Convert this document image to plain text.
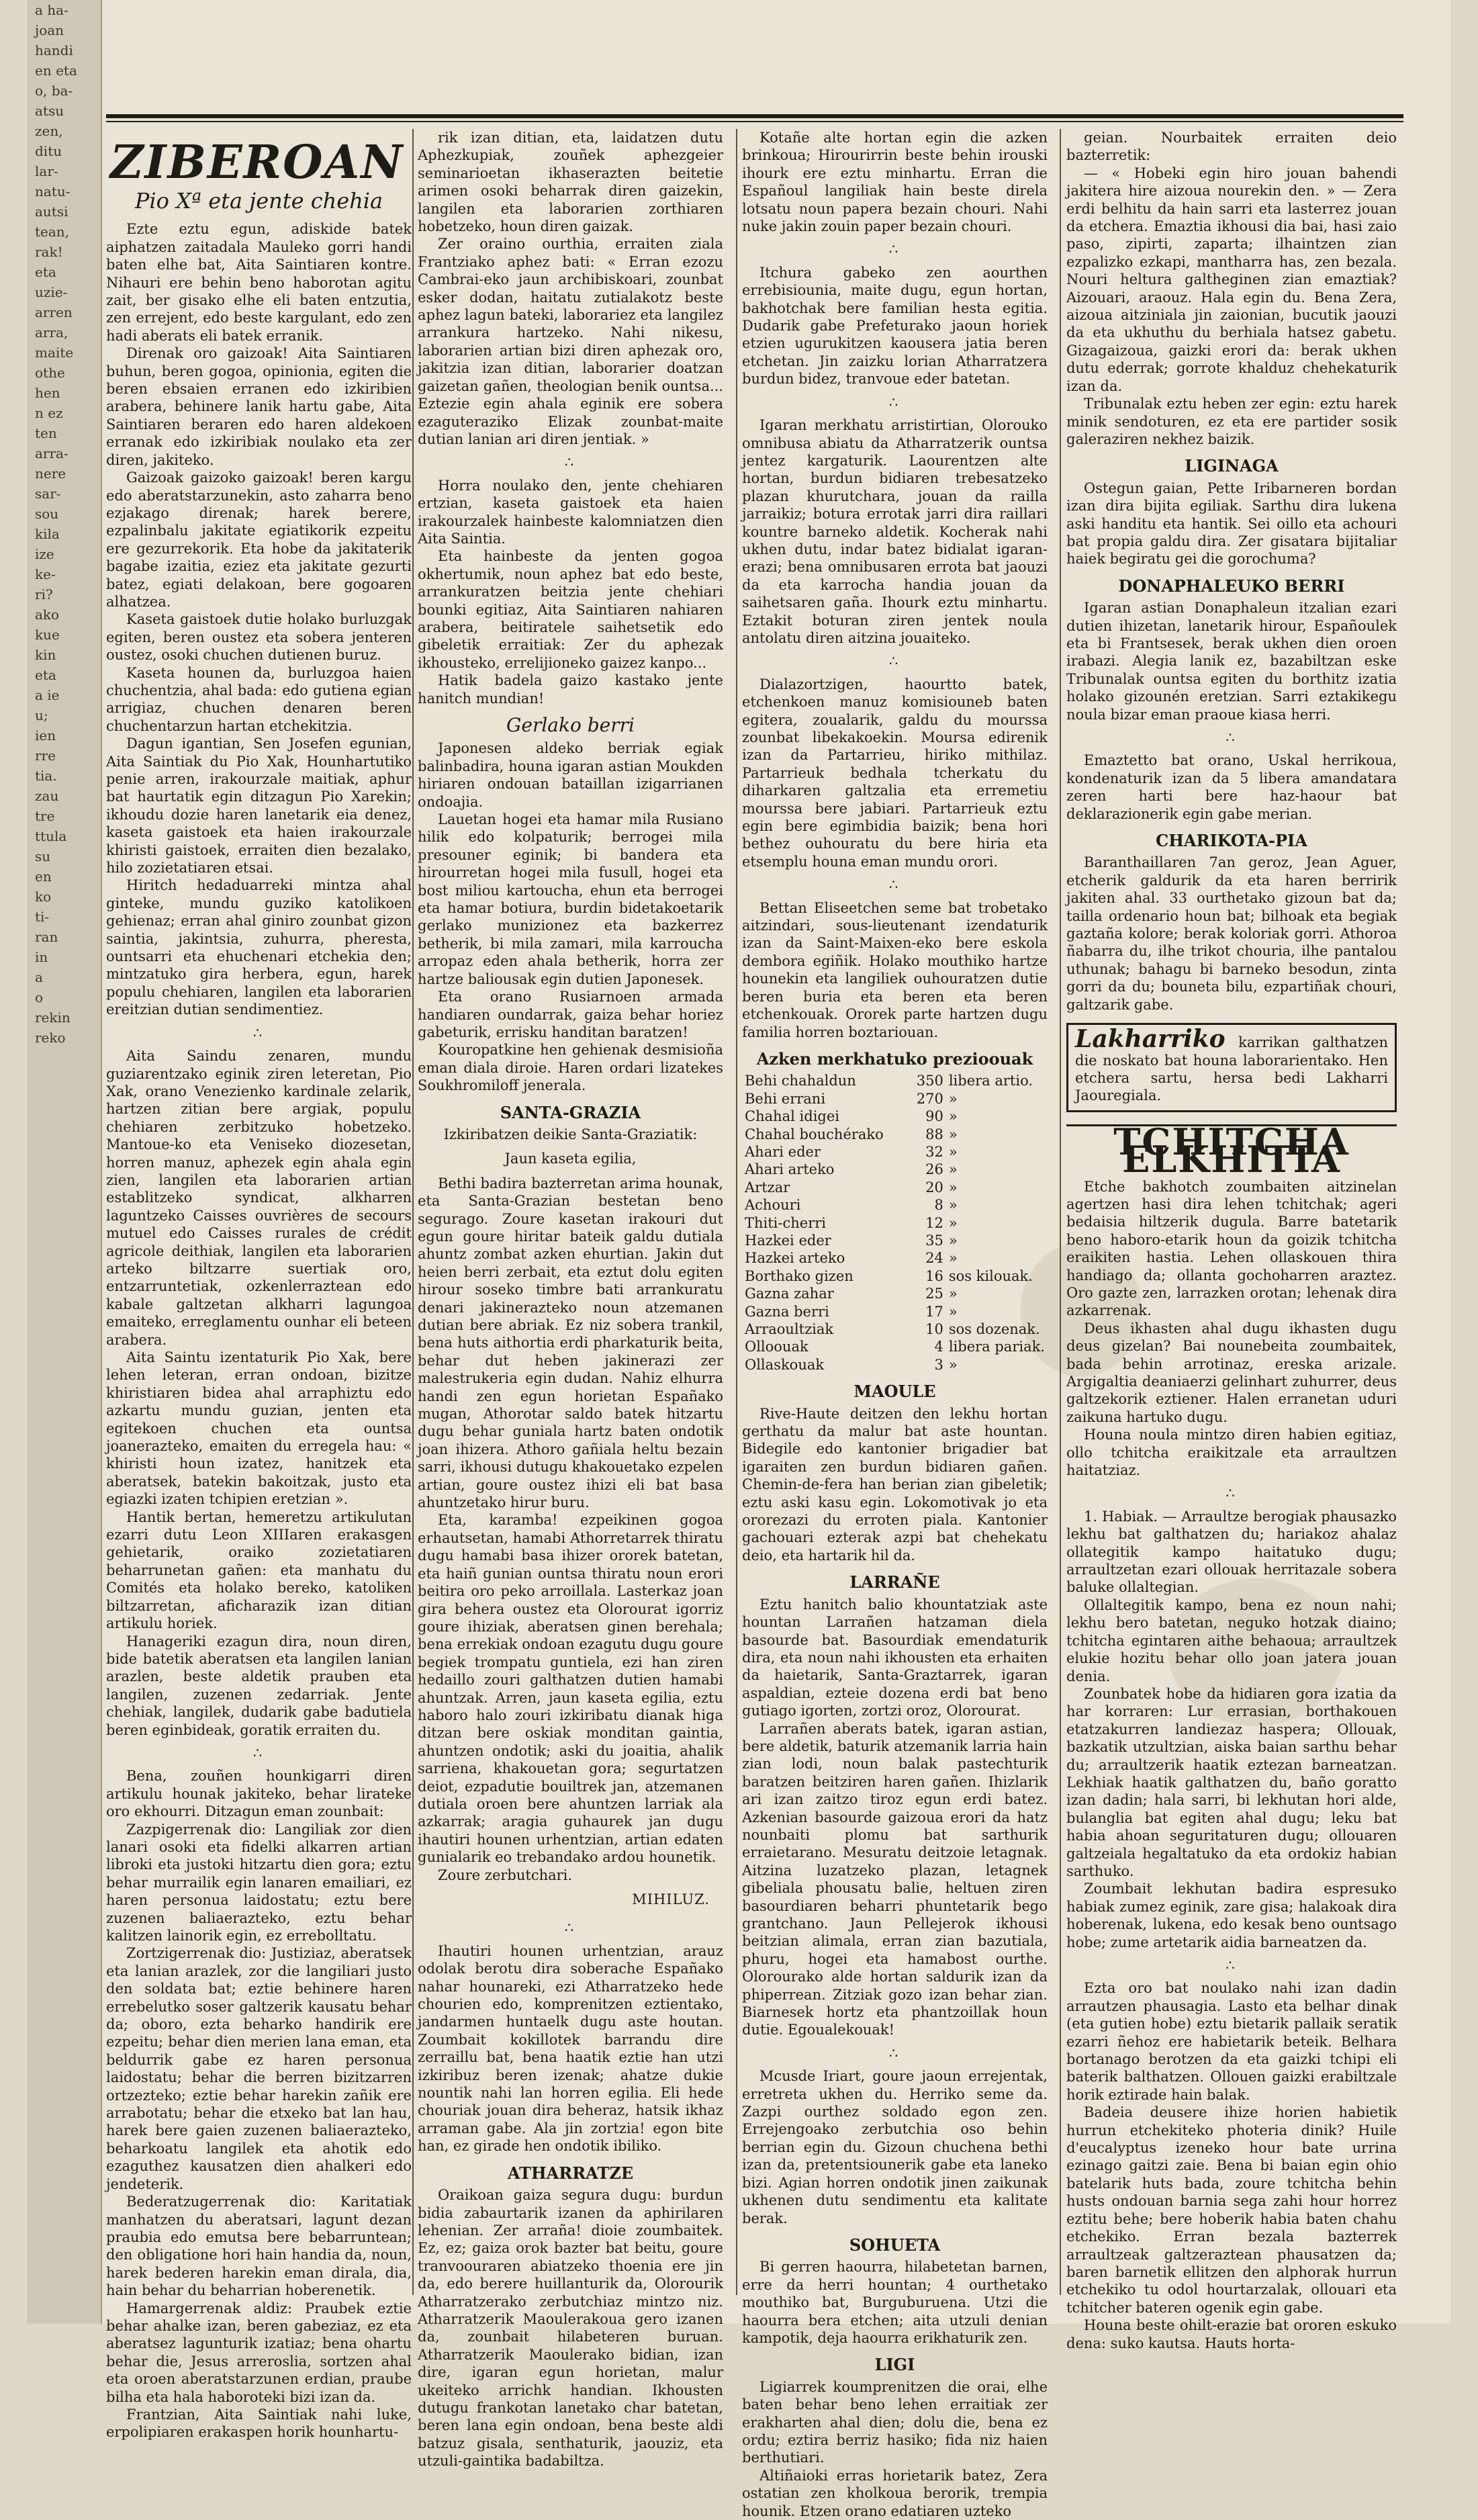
a ha-
joan
handi
en eta
o, ba-
atsu
zen,
ditu
lar-
natu-
autsi
tean,
rak!
eta
uzie-
arren
arra,
maite
othe
hen
n ez
ten
arra-
nere
sar-
sou
kila
ize
ke-
ri?
ako
kue
kin
eta
a ie
u;
ien
rre
tia.
zau
tre
ttula
su
en
ko
ti-
ran
in
a
o
rekin
reko
ZIBEROAN
Pio Xª eta jente chehia

Ezte eztu egun, adiskide batek aiphatzen zaitadala Mauleko gorri handi baten elhe bat, Aita Saintiaren kontre. Nihauri ere behin beno haborotan agitu zait, ber gisako elhe eli baten entzutia, zen errejent, edo beste kargulant, edo zen hadi aberats eli batek erranik.

Direnak oro gaizoak! Aita Saintiaren buhun, beren gogoa, opinionia, egiten die beren ebsaien erranen edo izkiribien arabera, behinere lanik hartu gabe, Aita Saintiaren beraren edo haren aldekoen erranak edo izkiribiak noulako eta zer diren, jakiteko.

Gaizoak gaizoko gaizoak! beren kargu edo aberatstarzunekin, asto zaharra beno ezjakago direnak; harek berere, ezpalinbalu jakitate egiatikorik ezpeitu ere gezurrekorik. Eta hobe da jakitaterik bagabe izaitia, eziez eta jakitate gezurti batez, egiati delakoan, bere gogoaren alhatzea.

Kaseta gaistoek dutie holako burluzgak egiten, beren oustez eta sobera jenteren oustez, osoki chuchen dutienen buruz.

Kaseta hounen da, burluzgoa haien chuchentzia, ahal bada: edo gutiena egian arrigiaz, chuchen denaren beren chuchentarzun hartan etchekitzia.

Dagun igantian, Sen Josefen egunian, Aita Saintiak du Pio Xak, Hounhartutiko penie arren, irakourzale maitiak, aphur bat haurtatik egin ditzagun Pio Xarekin; ikhoudu dozie haren lanetarik eia denez, kaseta gaistoek eta haien irakourzale khiristi gaistoek, erraiten dien bezalako, hilo zozietatiaren etsai.

Hiritch hedaduarreki mintza ahal ginteke, mundu guziko katolikoen gehienaz; erran ahal giniro zounbat gizon saintia, jakintsia, zuhurra, pheresta, ountsarri eta ehuchenari etchekia den; mintzatuko gira herbera, egun, harek populu chehiaren, langilen eta laborarien ereitzian dutian sendimentiez.

∴

Aita Saindu zenaren, mundu guziarentzako eginik ziren leteretan, Pio Xak, orano Venezienko kardinale zelarik, hartzen zitian bere argiak, populu chehiaren zerbitzuko hobetzeko. Mantoue-ko eta Veniseko diozesetan, horren manuz, aphezek egin ahala egin zien, langilen eta laborarien artian establitzeko syndicat, alkharren laguntzeko Caisses ouvrières de secours mutuel edo Caisses rurales de crédit agricole deithiak, langilen eta laborarien arteko biltzarre suertiak oro, entzarruntetiak, ozkenlerraztean edo kabale galtzetan alkharri lagungoa emaiteko, erreglamentu ounhar eli beteen arabera.

Aita Saintu izentaturik Pio Xak, bere lehen leteran, erran ondoan, bizitze khiristiaren bidea ahal arraphiztu edo azkartu mundu guzian, jenten eta egitekoen chuchen eta ountsa joanerazteko, emaiten du erregela hau: « khiristi houn izatez, hanitzek eta aberatsek, batekin bakoitzak, justo eta egiazki izaten tchipien eretzian ».

Hantik bertan, hemeretzu artikulutan ezarri dutu Leon XIIIaren erakasgen gehietarik, oraiko zozietatiaren beharrunetan gañen: eta manhatu du Comités eta holako bereko, katoliken biltzarretan, aficharazik izan ditian artikulu horiek.

Hanageriki ezagun dira, noun diren, bide batetik aberatsen eta langilen lanian arazlen, beste aldetik prauben eta langilen, zuzenen zedarriak. Jente chehiak, langilek, dudarik gabe badutiela beren eginbideak, goratik erraiten du.

∴

Bena, zouñen hounkigarri diren artikulu hounak jakiteko, behar lirateke oro ekhourri. Ditzagun eman zounbait:

Zazpigerrenak dio: Langiliak zor dien lanari osoki eta fidelki alkarren artian libroki eta justoki hitzartu dien gora; eztu behar murrailik egin lanaren emailiari, ez haren personua laidostatu; eztu bere zuzenen baliaerazteko, eztu behar kalitzen lainorik egin, ez errebolltatu.

Zortzigerrenak dio: Justiziaz, aberatsek eta lanian arazlek, zor die langiliari justo den soldata bat; eztie behinere haren errebelutko soser galtzerik kausatu behar da; oboro, ezta beharko handirik ere ezpeitu; behar dien merien lana eman, eta beldurrik gabe ez haren personua laidostatu; behar die berren bizitzarren ortzezteko; eztie behar harekin zañik ere arrabotatu; behar die etxeko bat lan hau, harek bere gaien zuzenen baliaerazteko, beharkoatu langilek eta ahotik edo ezaguthez kausatzen dien ahalkeri edo jendeterik.

Bederatzugerrenak dio: Karitatiak manhatzen du aberatsari, lagunt dezan praubia edo emutsa bere bebarruntean; den obligatione hori hain handia da, noun, harek bederen harekin eman dirala, dia, hain behar du beharrian hoberenetik.

Hamargerrenak aldiz: Praubek eztie behar ahalke izan, beren gabeziaz, ez eta aberatsez lagunturik izatiaz; bena ohartu behar die, Jesus arreroslia, sortzen ahal eta oroen aberatstarzunen erdian, praube bilha eta hala haboroteki bizi izan da.

Frantzian, Aita Saintiak nahi luke, erpolipiaren erakaspen horik hounhartu-

rik izan ditian, eta, laidatzen dutu Aphezkupiak, zouñek aphezgeier seminarioetan ikhaserazten beitetie arimen osoki beharrak diren gaizekin, langilen eta laborarien zorthiaren hobetzeko, houn diren gaizak.

Zer oraino ourthia, erraiten ziala Frantziako aphez bati: « Erran ezozu Cambrai-eko jaun archibiskoari, zounbat esker dodan, haitatu zutialakotz beste aphez lagun bateki, laborariez eta langilez arrankura hartzeko. Nahi nikesu, laborarien artian bizi diren aphezak oro, jakitzia izan ditian, laborarier doatzan gaizetan gañen, theologian benik ountsa... Eztezie egin ahala eginik ere sobera ezaguteraziko Elizak zounbat-maite dutian lanian ari diren jentiak. »

∴

Horra noulako den, jente chehiaren ertzian, kaseta gaistoek eta haien irakourzalek hainbeste kalomniatzen dien Aita Saintia.

Eta hainbeste da jenten gogoa okhertumik, noun aphez bat edo beste, arrankuratzen beitzia jente chehiari bounki egitiaz, Aita Saintiaren nahiaren arabera, beitiratele saihetsetik edo gibeletik erraitiak: Zer du aphezak ikhousteko, errelijioneko gaizez kanpo...

Hatik badela gaizo kastako jente hanitch mundian!

Gerlako berri

Japonesen aldeko berriak egiak balinbadira, houna igaran astian Moukden hiriaren ondouan bataillan izigarrianen ondoajia.

Lauetan hogei eta hamar mila Rusiano hilik edo kolpaturik; berrogei mila presouner eginik; bi bandera eta hirourretan hogei mila fusull, hogei eta bost miliou kartoucha, ehun eta berrogei eta hamar botiura, burdin bidetakoetarik gerlako munizionez eta bazkerrez betherik, bi mila zamari, mila karroucha arropaz eden ahala betherik, horra zer hartze baliousak egin dutien Japonesek.

Eta orano Rusiarnoen armada handiaren oundarrak, gaiza behar horiez gabeturik, errisku handitan baratzen!

Kouropatkine hen gehienak desmisioña eman diala diroie. Haren ordari lizatekes Soukhromiloff jenerala.

SANTA-GRAZIA
Izkiribatzen deikie Santa-Graziatik:
Jaun kaseta egilia,

Bethi badira bazterretan arima hounak, eta Santa-Grazian bestetan beno segurago. Zoure kasetan irakouri dut egun goure hiritar bateik galdu dutiala ahuntz zombat azken ehurtian. Jakin dut heien berri zerbait, eta eztut dolu egiten hirour soseko timbre bati arrankuratu denari jakinerazteko noun atzemanen dutian bere abriak. Ez niz sobera trankil, bena huts aithortia erdi pharkaturik beita, behar dut heben jakinerazi zer malestrukeria egin dudan. Nahiz elhurra handi zen egun horietan Españako mugan, Athorotar saldo batek hitzartu dugu behar guniala hartz baten ondotik joan ihizera. Athoro gañiala heltu bezain sarri, ikhousi dutugu khakouetako ezpelen artian, goure oustez ihizi eli bat basa ahuntzetako hirur buru.

Eta, karamba! ezpeikinen gogoa erhautsetan, hamabi Athorretarrek thiratu dugu hamabi basa ihizer ororek batetan, eta haiñ gunian ountsa thiratu noun erori beitira oro peko arroillala. Lasterkaz joan gira behera oustez eta Olorourat igorriz goure ihiziak, aberatsen ginen berehala; bena errekiak ondoan ezagutu dugu goure begiek trompatu guntiela, ezi han ziren hedaillo zouri galthatzen dutien hamabi ahuntzak. Arren, jaun kaseta egilia, eztu haboro halo zouri izkiribatu dianak higa ditzan bere oskiak monditan gaintia, ahuntzen ondotik; aski du joaitia, ahalik sarriena, khakouetan gora; segurtatzen deiot, ezpadutie bouiltrek jan, atzemanen dutiala oroen bere ahuntzen larriak ala azkarrak; aragia guhaurek jan dugu ihautiri hounen urhentzian, artian edaten gunialarik eo trebandako ardou hounetik.

Zoure zerbutchari.

MIHILUZ.
∴

Ihautiri hounen urhentzian, arauz odolak berotu dira soberache Españako nahar hounareki, ezi Atharratzeko hede chourien edo, komprenitzen eztientako, jandarmen huntaelk dugu aste houtan. Zoumbait kokillotek barrandu dire zerraillu bat, bena haatik eztie han utzi izkiribuz beren izenak; ahatze dukie nountik nahi lan horren egilia. Eli hede chouriak jouan dira beheraz, hatsik ikhaz arraman gabe. Ala jin zortzia! egon bite han, ez girade hen ondotik ibiliko.

ATHARRATZE

Oraikoan gaiza segura dugu: burdun bidia zabaurtarik izanen da aphirilaren lehenian. Zer arraña! dioie zoumbaitek. Ez, ez; gaiza orok bazter bat beitu, goure tranvoouraren abiatzeko thoenia ere jin da, edo berere huillanturik da, Olorourik Atharratzerako zerbutchiaz mintzo niz. Atharratzerik Maoulerakoua gero izanen da, zounbait hilabeteren buruan. Atharratzerik Maoulerako bidian, izan dire, igaran egun horietan, malur ukeiteko arrichk handian. Ikhousten dutugu frankotan lanetako char batetan, beren lana egin ondoan, bena beste aldi batzuz gisala, senthaturik, jaouziz, eta utzuli-gaintika badabiltza.

Kotañe alte hortan egin die azken brinkoua; Hirourirrin beste behin irouski ihourk ere eztu minhartu. Erran die Españoul langiliak hain beste direla lotsatu noun papera bezain chouri. Nahi nuke jakin zouin paper bezain chouri.

∴

Itchura gabeko zen aourthen errebisiounia, maite dugu, egun hortan, bakhotchak bere familian hesta egitia. Dudarik gabe Prefeturako jaoun horiek etzien ugurukitzen kaousera jatia beren etchetan. Jin zaizku lorian Atharratzera burdun bidez, tranvoue eder batetan.

∴

Igaran merkhatu arristirtian, Olorouko omnibusa abiatu da Atharratzerik ountsa jentez kargaturik. Laourentzen alte hortan, burdun bidiaren trebesatzeko plazan khurutchara, jouan da railla jarraikiz; botura errotak jarri dira raillari kountre barneko aldetik. Kocherak nahi ukhen dutu, indar batez bidialat igaran-erazi; bena omnibusaren errota bat jaouzi da eta karrocha handia jouan da saihetsaren gaña. Ihourk eztu minhartu. Eztakit boturan ziren jentek noula antolatu diren aitzina jouaiteko.

∴

Dialazortzigen, haourtto batek, etchenkoen manuz komisiouneb baten egitera, zoualarik, galdu du mourssa zounbat libekakoekin. Moursa edirenik izan da Partarrieu, hiriko mithilaz. Partarrieuk bedhala tcherkatu du diharkaren galtzalia eta erremetiu mourssa bere jabiari. Partarrieuk eztu egin bere egimbidia baizik; bena hori bethez ouhouratu du bere hiria eta etsemplu houna eman mundu orori.

∴

Bettan Eliseetchen seme bat trobetako aitzindari, sous-lieutenant izendaturik izan da Saint-Maixen-eko bere eskola dembora egiñik. Holako mouthiko hartze hounekin eta langiliek ouhouratzen dutie beren buria eta beren eta beren etchenkouak. Ororek parte hartzen dugu familia horren boztariouan.

Azken merkhatuko prezioouak
Behi chahaldun	350	libera artio.
Behi errani	270	»
Chahal idigei	90	»
Chahal bouchérako	88	»
Ahari eder	32	»
Ahari arteko	26	»
Artzar	20	»
Achouri	8	»
Thiti-cherri	12	»
Hazkei eder	35	»
Hazkei arteko	24	»
Borthako gizen	16	sos kilouak.
Gazna zahar	25	»
Gazna berri	17	»
Arraoultziak	10	sos dozenak.
Olloouak	4	libera pariak.
Ollaskouak	3	»
MAOULE

Rive-Haute deitzen den lekhu hortan gerthatu da malur bat aste hountan. Bidegile edo kantonier brigadier bat igaraiten zen burdun bidiaren gañen. Chemin-de-fera han berian zian gibeletik; eztu aski kasu egin. Lokomotivak jo eta ororezazi du erroten piala. Kantonier gachouari ezterak azpi bat chehekatu deio, eta hartarik hil da.

LARRAÑE

Eztu hanitch balio khountatziak aste hountan Larrañen hatzaman diela basourde bat. Basourdiak emendaturik dira, eta noun nahi ikhousten eta erhaiten da haietarik, Santa-Graztarrek, igaran aspaldian, ezteie dozena erdi bat beno gutiago igorten, zortzi oroz, Olorourat.

Larrañen aberats batek, igaran astian, bere aldetik, baturik atzemanik larria hain zian lodi, noun balak pastechturik baratzen beitziren haren gañen. Ihizlarik ari izan zaitzo tiroz egun erdi batez. Azkenian basourde gaizoua erori da hatz nounbaiti plomu bat sarthurik erraietarano. Mesuratu deitzoie letagnak. Aitzina luzatzeko plazan, letagnek gibeliala phousatu balie, heltuen ziren basourdiaren beharri phuntetarik bego grantchano. Jaun Pellejerok ikhousi beitzian alimala, erran zian bazutiala, phuru, hogei eta hamabost ourthe. Olorourako alde hortan saldurik izan da phiperrean. Zitziak gozo izan behar zian. Biarnesek hortz eta phantzoillak houn dutie. Egoualekouak!

∴

Mcusde Iriart, goure jaoun errejentak, erretreta ukhen du. Herriko seme da. Zazpi ourthez soldado egon zen. Errejengoako zerbutchia oso behin berrian egin du. Gizoun chuchena bethi izan da, pretentsiounerik gabe eta laneko bizi. Agian horren ondotik jinen zaikunak ukhenen dutu sendimentu eta kalitate berak.

SOHUETA

Bi gerren haourra, hilabetetan barnen, erre da herri hountan; 4 ourthetako mouthiko bat, Burguburuena. Utzi die haourra bera etchen; aita utzuli denian kampotik, deja haourra erikhaturik zen.

LIGI

Ligiarrek koumprenitzen die orai, elhe baten behar beno lehen erraitiak zer erakharten ahal dien; dolu die, bena ez ordu; eztira berriz hasiko; fida niz haien berthutiari.

Altiñaioki erras horietarik batez, Zera ostatian zen kholkoua berorik, trempia hounik. Etzen orano edatiaren uzteko

geian. Nourbaitek erraiten deio bazterretik:

— « Hobeki egin hiro jouan bahendi jakitera hire aizoua nourekin den. » — Zera erdi belhitu da hain sarri eta lasterrez jouan da etchera. Emaztia ikhousi dia bai, hasi zaio paso, zipirti, zaparta; ilhaintzen zian ezpalizko ezkapi, mantharra has, zen bezala. Nouri heltura galtheginen zian emaztiak? Aizouari, araouz. Hala egin du. Bena Zera, aizoua aitziniala jin zaionian, bucutik jaouzi da eta ukhuthu du berhiala hatsez gabetu. Gizagaizoua, gaizki erori da: berak ukhen dutu ederrak; gorrote khalduz chehekaturik izan da.

Tribunalak eztu heben zer egin: eztu harek minik sendoturen, ez eta ere partider sosik galeraziren nekhez baizik.

LIGINAGA

Ostegun gaian, Pette Iribarneren bordan izan dira bijita egiliak. Sarthu dira lukena aski handitu eta hantik. Sei oillo eta achouri bat propia galdu dira. Zer gisatara bijitaliar haiek begiratu gei die gorochuma?

DONAPHALEUKO BERRI

Igaran astian Donaphaleun itzalian ezari dutien ihizetan, lanetarik hirour, Españoulek eta bi Frantsesek, berak ukhen dien oroen irabazi. Alegia lanik ez, bazabiltzan eske Tribunalak ountsa egiten du borthitz izatia holako gizounén eretzian. Sarri eztakikegu noula bizar eman praoue kiasa herri.

∴

Emaztetto bat orano, Uskal herrikoua, kondenaturik izan da 5 libera amandatara zeren harti bere haz-haour bat deklarazionerik egin gabe merian.

CHARIKOTA-PIA

Baranthaillaren 7an geroz, Jean Aguer, etcherik galdurik da eta haren berririk jakiten ahal. 33 ourthetako gizoun bat da; tailla ordenario houn bat; bilhoak eta begiak gaztaña kolore; berak koloriak gorri. Athoroa ñabarra du, ilhe trikot chouria, ilhe pantalou uthunak; bahagu bi barneko besodun, zinta gorri da du; bouneta bilu, ezpartiñak chouri, galtzarik gabe.

Lakharriko karrikan galthatzen die noskato bat houna laborarientako. Hen etchera sartu, hersa bedi Lakharri Jaouregiala.
TCHITCHA ELKHITIA

Etche bakhotch zoumbaiten aitzinelan agertzen hasi dira lehen tchitchak; ageri bedaisia hiltzerik dugula. Barre batetarik beno haboro-etarik houn da goizik tchitcha eraikiten hastia. Lehen ollaskouen thira handiago da; ollanta gochoharren araztez. Oro gazte zen, larrazken orotan; lehenak dira azkarrenak.

Deus ikhasten ahal dugu ikhasten dugu deus gizelan? Bai nounebeita zoumbaitek, bada behin arrotinaz, ereska arizale. Argigaltia deaniaerzi gelinhart zuhurrer, deus galtzekorik eztiener. Halen erranetan uduri zaikuna hartuko dugu.

Houna noula mintzo diren habien egitiaz, ollo tchitcha eraikitzale eta arraultzen haitatziaz.

∴

1. Habiak. — Arraultze berogiak phausazko lekhu bat galthatzen du; hariakoz ahalaz ollategitik kampo haitatuko dugu; arraultzetan ezari ollouak herritazale sobera baluke ollaltegian.

Ollaltegitik kampo, bena ez noun nahi; lekhu bero batetan, neguko hotzak diaino; tchitcha egintaren aithe behaoua; arraultzek elukie hozitu behar ollo joan jatera jouan denia.

Zounbatek hobe da hidiaren gora izatia da har korraren: Lur errasian, borthakouen etatzakurren landiezaz haspera; Ollouak, bazkatik utzultzian, aiska baian sarthu behar du; arraultzerik haatik eztezan barneatzan. Lekhiak haatik galthatzen du, baño goratto izan dadin; hala sarri, bi lekhutan hori alde, bulanglia bat egiten ahal dugu; leku bat habia ahoan seguritaturen dugu; ollouaren galtzeiala hegaltatuko da eta ordokiz habian sarthuko.

Zoumbait lekhutan badira espresuko habiak zumez eginik, zare gisa; halakoak dira hoberenak, lukena, edo kesak beno ountsago hobe; zume artetarik aidia barneatzen da.

∴

Ezta oro bat noulako nahi izan dadin arrautzen phausagia. Lasto eta belhar dinak (eta gutien hobe) eztu bietarik pallaik seratik ezarri ñehoz ere habietarik beteik. Belhara bortanago berotzen da eta gaizki tchipi eli baterik balthatzen. Ollouen gaizki erabiltzale horik eztirade hain balak.

Badeia deusere ihize horien habietik hurrun etchekiteko photeria dinik? Huile d'eucalyptus izeneko hour bate urrina ezinago gaitzi zaie. Bena bi baian egin ohio batelarik huts bada, zoure tchitcha behin husts ondouan barnia sega zahi hour horrez eztitu behe; bere hoberik habia baten chahu etchekiko. Erran bezala bazterrek arraultzeak galtzeraztean phausatzen da; baren barnetik ellitzen den alphorak hurrun etchekiko tu odol hourtarzalak, ollouari eta tchitcher bateren ogenik egin gabe.

Houna beste ohilt-erazie bat ororen eskuko dena: suko kautsa. Hauts horta-
